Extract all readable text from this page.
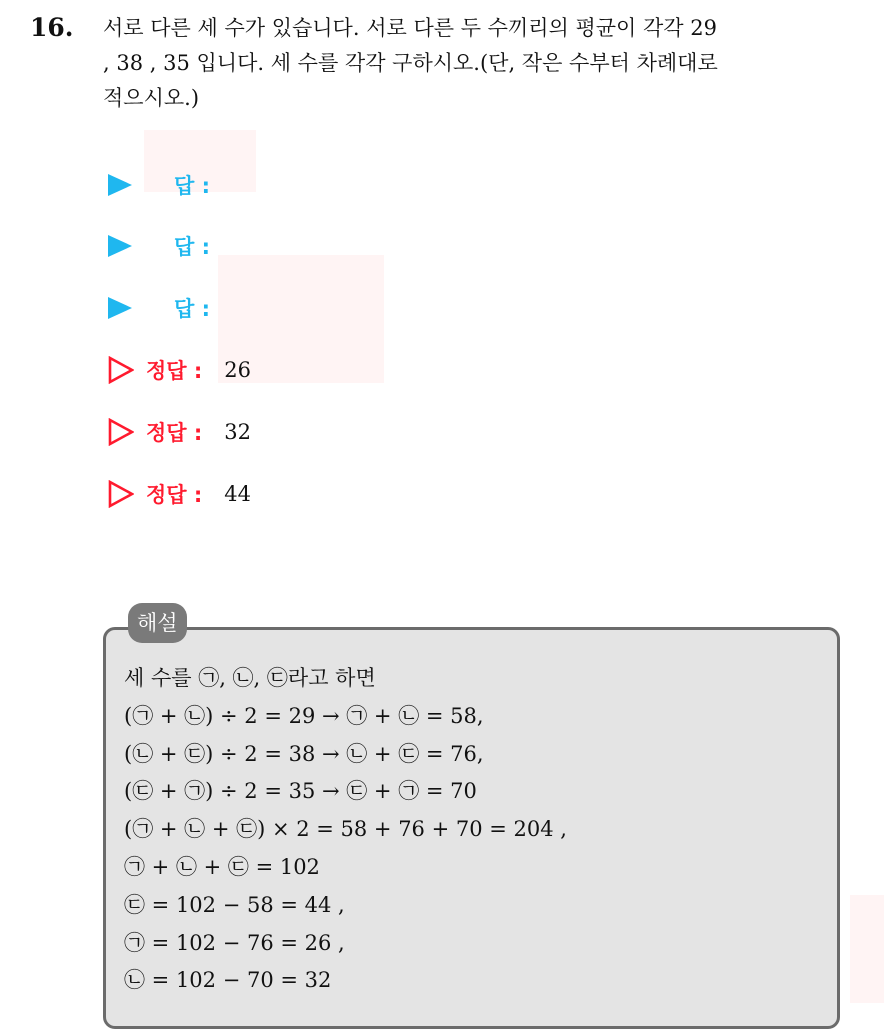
16. 서로 다른 세 수가 있습니다. 서로 다른 두 수끼리의 평균이 각각 29
, 38 , 35 입니다. 세 수를 각각 구하시오.(단, 작은 수부터 차례대로
적으시오.)
답 :
답 :
답 :
정답 : 26
정답 : 32
정답 : 44
해설
세 수를 ㉠, ㉡, ㉢라고 하면
(㉠ + ㉡) ÷ 2 = 29 → ㉠ + ㉡ = 58,
(㉡ + ㉢) ÷ 2 = 38 → ㉡ + ㉢ = 76,
(㉢ + ㉠) ÷ 2 = 35 → ㉢ + ㉠ = 70
(㉠ + ㉡ + ㉢) × 2 = 58 + 76 + 70 = 204 ,
㉠ + ㉡ + ㉢ = 102
㉢ = 102 − 58 = 44 ,
㉠ = 102 − 76 = 26 ,
㉡ = 102 − 70 = 32
